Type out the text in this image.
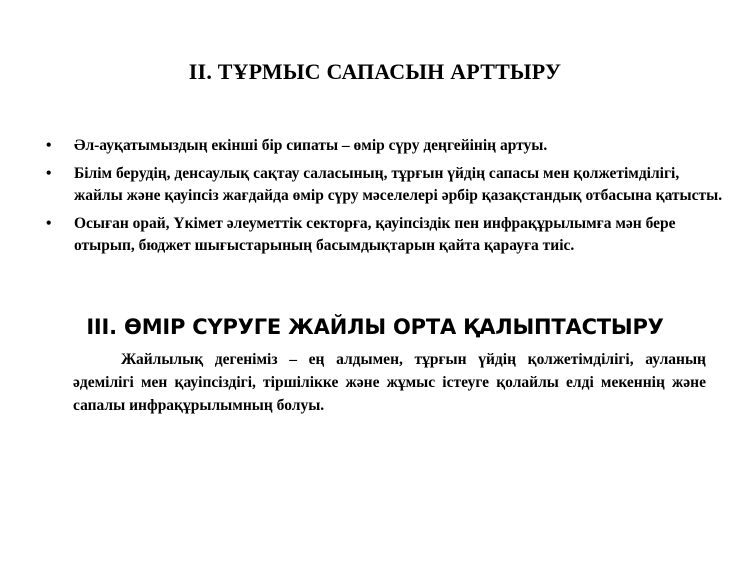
II. ТҰРМЫС САПАСЫН АРТТЫРУ
•	Әл-ауқатымыздың екінші бір сипаты – өмір сүру деңгейінің артуы.
•	Білім берудің, денсаулық сақтау саласының, тұрғын үйдің сапасы мен қолжетімділігі, жайлы және қауіпсіз жағдайда өмір сүру мәселелері әрбір қазақстандық отбасына қатысты.
•	Осыған орай, Үкімет әлеуметтік секторға, қауіпсіздік пен инфрақұрылымға мән бере отырып, бюджет шығыстарының басымдықтарын қайта қарауға тиіс.
III. ӨМІР СҮРУГЕ ЖАЙЛЫ ОРТА ҚАЛЫПТАСТЫРУ

Жайлылық дегеніміз – ең алдымен, тұрғын үйдің қолжетімділігі, ауланың әдемілігі мен қауіпсіздігі, тіршілікке және жұмыс істеуге қолайлы елді мекеннің және сапалы инфрақұрылымның болуы.
